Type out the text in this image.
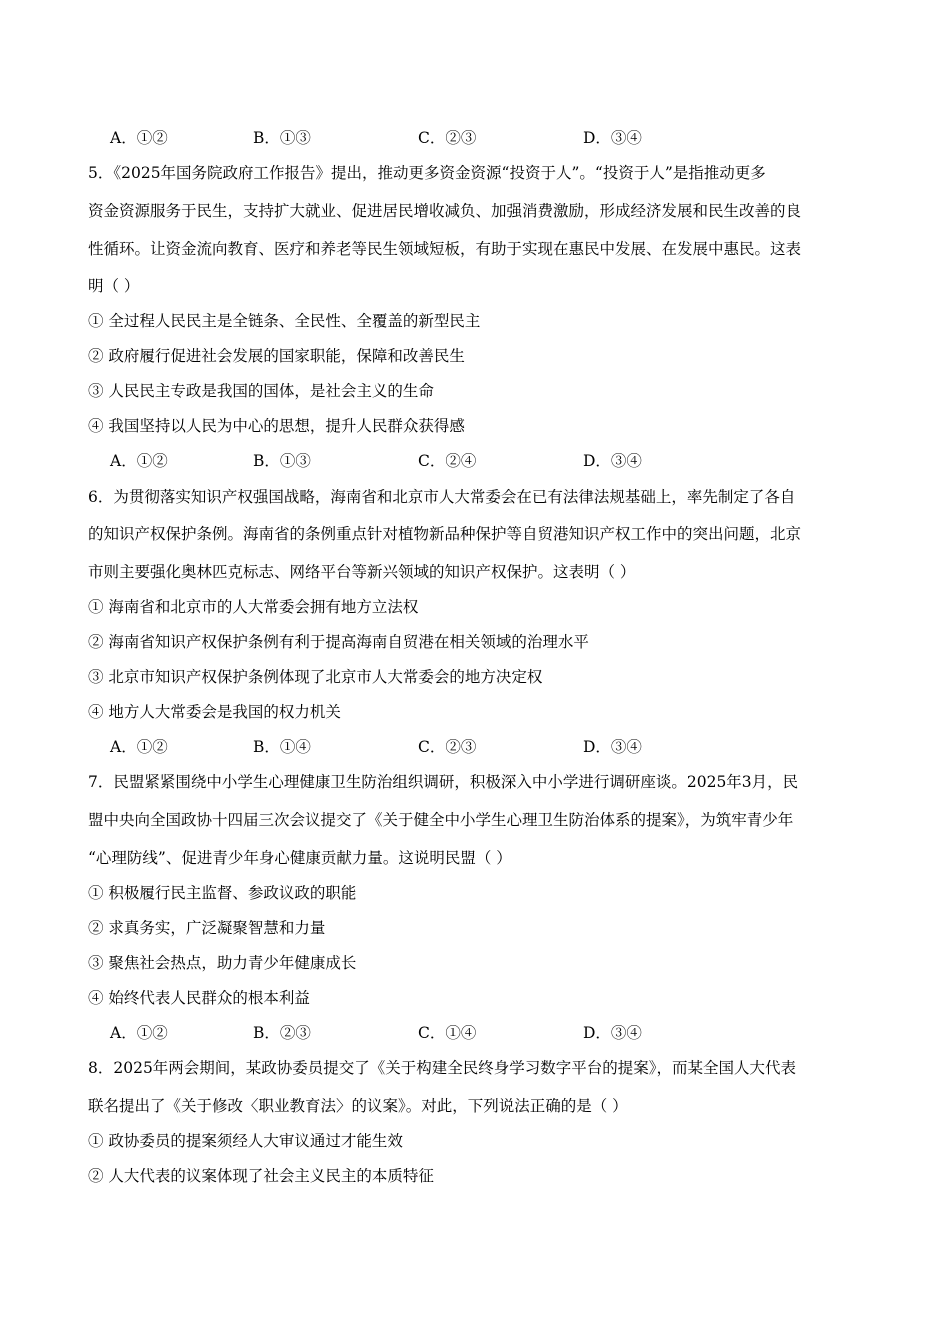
A．①②	B．①③	C．②③	D．③④
5．《2025年国务院政府工作报告》提出，推动更多资金资源“投资于人”。“投资于人”是指推动更多
资金资源服务于民生，支持扩大就业、促进居民增收减负、加强消费激励，形成经济发展和民生改善的良
性循环。让资金流向教育、医疗和养老等民生领域短板，有助于实现在惠民中发展、在发展中惠民。这表
明（ ）
① 全过程人民民主是全链条、全民性、全覆盖的新型民主
② 政府履行促进社会发展的国家职能，保障和改善民生
③ 人民民主专政是我国的国体，是社会主义的生命
④ 我国坚持以人民为中心的思想，提升人民群众获得感
A．①②	B．①③	C．②④	D．③④
6．为贯彻落实知识产权强国战略，海南省和北京市人大常委会在已有法律法规基础上，率先制定了各自
的知识产权保护条例。海南省的条例重点针对植物新品种保护等自贸港知识产权工作中的突出问题，北京
市则主要强化奥林匹克标志、网络平台等新兴领域的知识产权保护。这表明（ ）
① 海南省和北京市的人大常委会拥有地方立法权
② 海南省知识产权保护条例有利于提高海南自贸港在相关领域的治理水平
③ 北京市知识产权保护条例体现了北京市人大常委会的地方决定权
④ 地方人大常委会是我国的权力机关
A．①②	B．①④	C．②③	D．③④
7．民盟紧紧围绕中小学生心理健康卫生防治组织调研，积极深入中小学进行调研座谈。2025年3月，民
盟中央向全国政协十四届三次会议提交了《关于健全中小学生心理卫生防治体系的提案》，为筑牢青少年
“心理防线”、促进青少年身心健康贡献力量。这说明民盟（ ）
① 积极履行民主监督、参政议政的职能
② 求真务实，广泛凝聚智慧和力量
③ 聚焦社会热点，助力青少年健康成长
④ 始终代表人民群众的根本利益
A．①②	B．②③	C．①④	D．③④
8．2025年两会期间，某政协委员提交了《关于构建全民终身学习数字平台的提案》，而某全国人大代表
联名提出了《关于修改〈职业教育法〉的议案》。对此，下列说法正确的是（ ）
① 政协委员的提案须经人大审议通过才能生效
② 人大代表的议案体现了社会主义民主的本质特征
